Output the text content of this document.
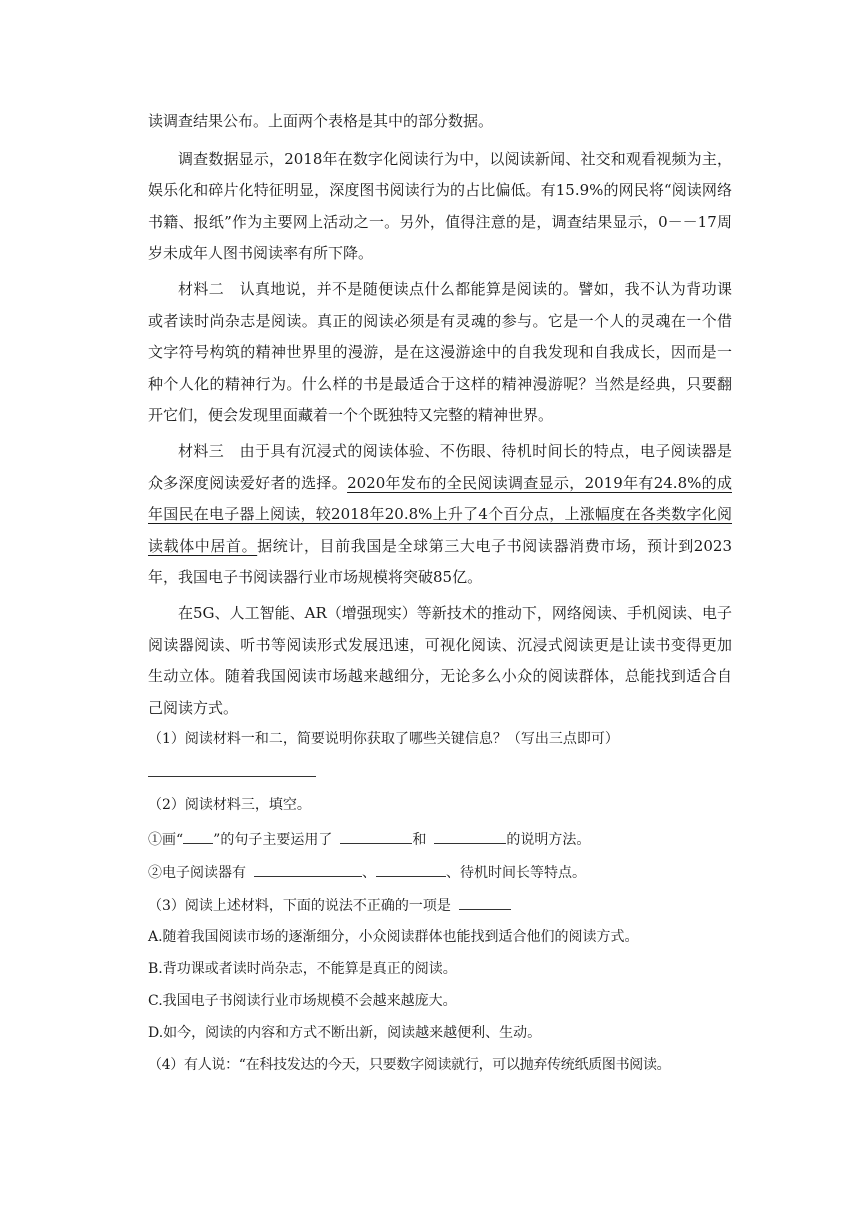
读调查结果公布。上面两个表格是其中的部分数据。

调查数据显示，2018年在数字化阅读行为中，以阅读新闻、社交和观看视频为主，娱乐化和碎片化特征明显，深度图书阅读行为的占比偏低。有15.9%的网民将“阅读网络书籍、报纸”作为主要网上活动之一。另外，值得注意的是，调查结果显示，0－－17周岁未成年人图书阅读率有所下降。

材料二　认真地说，并不是随便读点什么都能算是阅读的。譬如，我不认为背功课或者读时尚杂志是阅读。真正的阅读必须是有灵魂的参与。它是一个人的灵魂在一个借文字符号构筑的精神世界里的漫游，是在这漫游途中的自我发现和自我成长，因而是一种个人化的精神行为。什么样的书是最适合于这样的精神漫游呢？当然是经典，只要翻开它们，便会发现里面藏着一个个既独特又完整的精神世界。

材料三　由于具有沉浸式的阅读体验、不伤眼、待机时间长的特点，电子阅读器是众多深度阅读爱好者的选择。2020年发布的全民阅读调查显示，2019年有24.8%的成年国民在电子器上阅读，较2018年20.8%上升了4个百分点，上涨幅度在各类数字化阅读载体中居首。据统计，目前我国是全球第三大电子书阅读器消费市场，预计到2023年，我国电子书阅读器行业市场规模将突破85亿。

在5G、人工智能、AR（增强现实）等新技术的推动下，网络阅读、手机阅读、电子阅读器阅读、听书等阅读形式发展迅速，可视化阅读、沉浸式阅读更是让读书变得更加生动立体。随着我国阅读市场越来越细分，无论多么小众的阅读群体，总能找到适合自己阅读方式。

（1）阅读材料一和二，简要说明你获取了哪些关键信息？（写出三点即可）

（2）阅读材料三，填空。

①画“ ”的句子主要运用了	和	的说明方法。

②电子阅读器有	、	、待机时间长等特点。

（3）阅读上述材料，下面的说法不正确的一项是

A.随着我国阅读市场的逐渐细分，小众阅读群体也能找到适合他们的阅读方式。

B.背功课或者读时尚杂志，不能算是真正的阅读。

C.我国电子书阅读行业市场规模不会越来越庞大。

D.如今，阅读的内容和方式不断出新，阅读越来越便利、生动。

（4）有人说：“在科技发达的今天，只要数字阅读就行，可以抛弃传统纸质图书阅读。
